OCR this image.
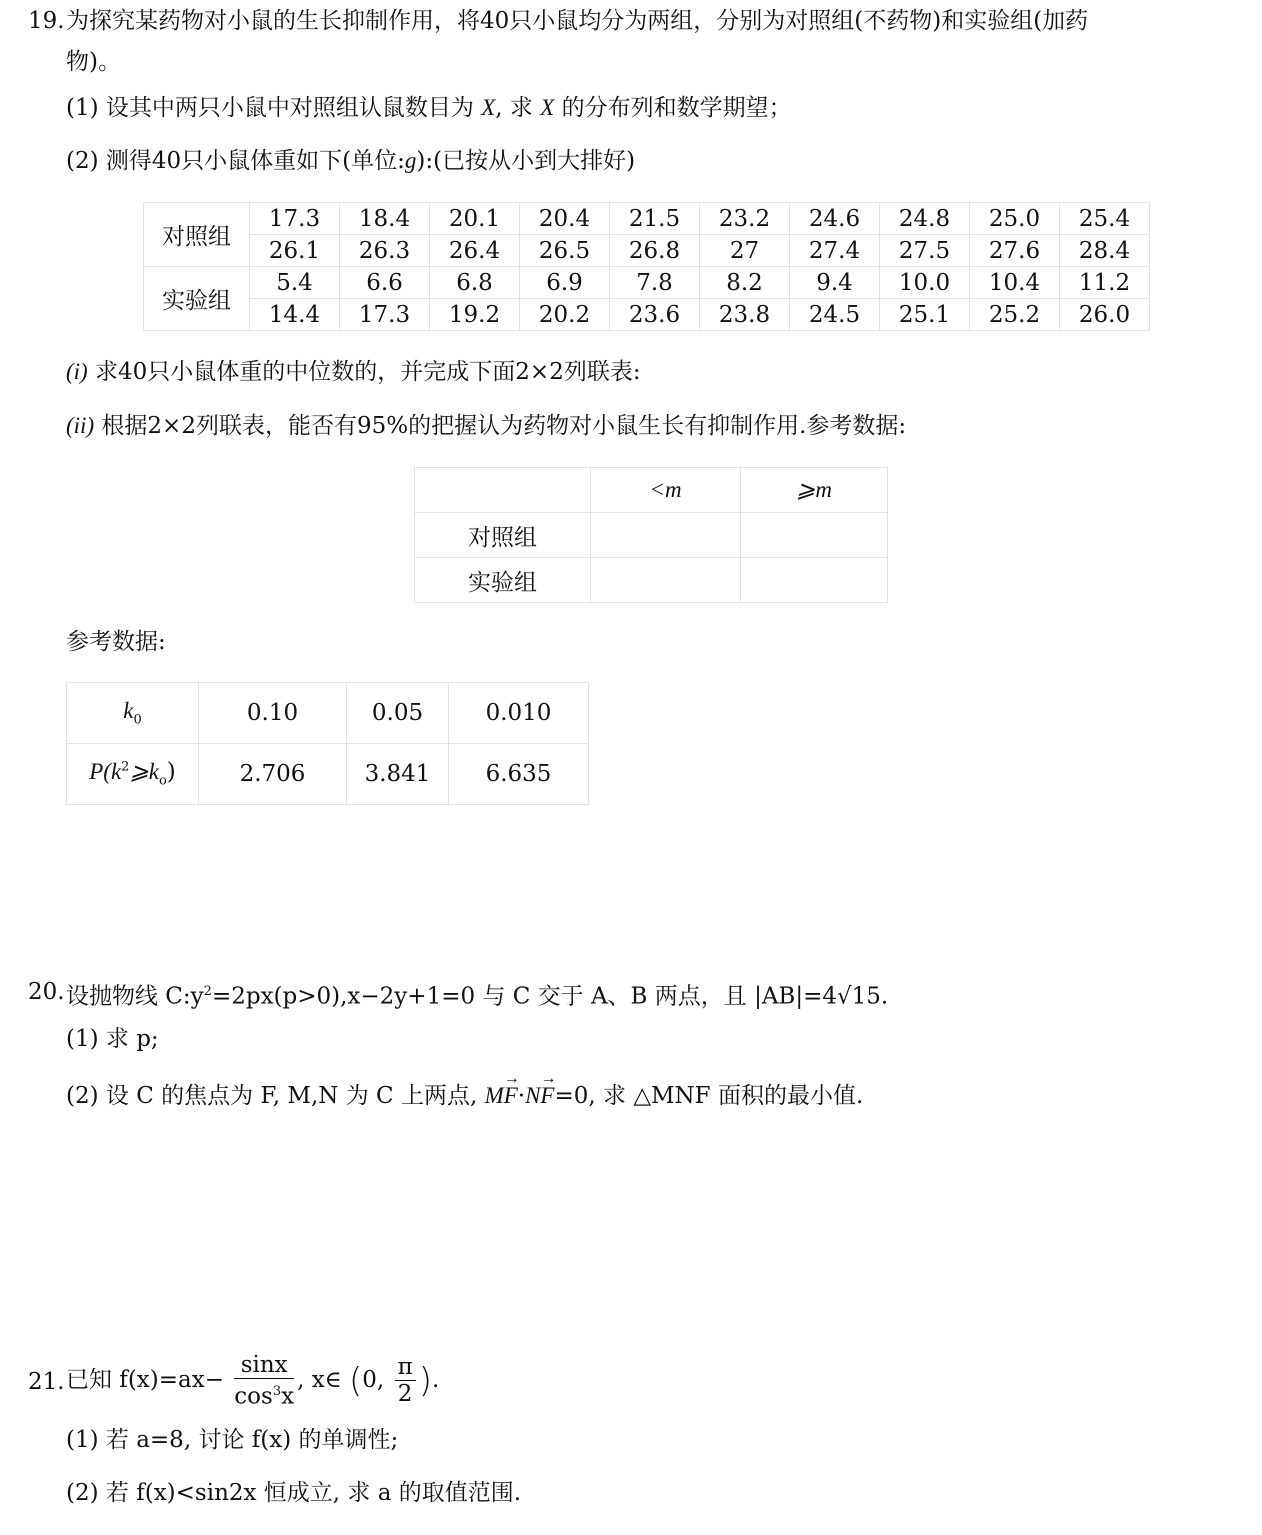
19. 为探究某药物对小鼠的生长抑制作用，将40只小鼠均分为两组，分别为对照组(不药物)和实验组(加药
物)。
(1) 设其中两只小鼠中对照组认鼠数目为 X, 求 X 的分布列和数学期望；
(2) 测得40只小鼠体重如下(单位:g):(已按从小到大排好)
对照组	17.3	18.4	20.1	20.4	21.5	23.2	24.6	24.8	25.0	25.4
	26.1	26.3	26.4	26.5	26.8	27	27.4	27.5	27.6	28.4
实验组	5.4	6.6	6.8	6.9	7.8	8.2	9.4	10.0	10.4	11.2
	14.4	17.3	19.2	20.2	23.6	23.8	24.5	25.1	25.2	26.0
(i) 求40只小鼠体重的中位数的，并完成下面2×2列联表:
(ii) 根据2×2列联表，能否有95%的把握认为药物对小鼠生长有抑制作用.参考数据:
	<m	⩾m
对照组		
实验组		
参考数据:
$k_0$	0.10	0.05	0.010
$P(k^2⩾k_o)$	2.706	3.841	6.635
20. 设抛物线 $C:y^2=2px(p>0),x-2y+1=0$ 与 C 交于 A、B 两点，且 |AB|=4√15.
(1) 求 p;
(2) 设 C 的焦点为 F, M,N 为 C 上两点, → MF·→ NF=0, 求 △MNF 面积的最小值.
21. 已知 $f(x)=ax- \frac{\sin x}{\cos^3x}$ , x∈ (0, $\frac{\pi}{2}$ ).
(1) 若 a=8, 讨论 f(x) 的单调性;
(2) 若 f(x)<sin2x 恒成立, 求 a 的取值范围.
